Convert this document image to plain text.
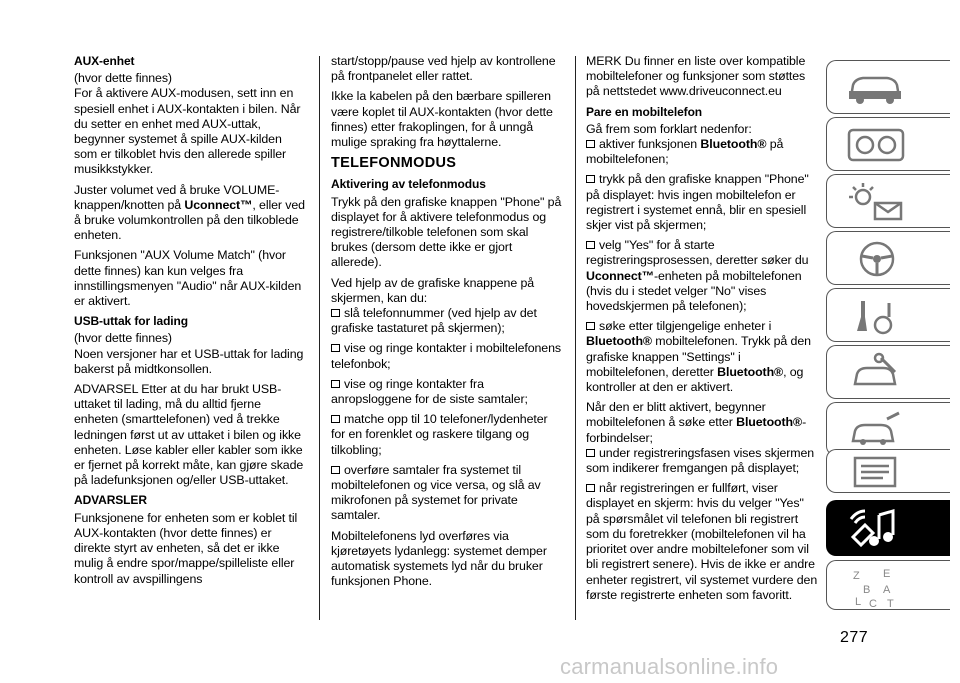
AUX-enhet

(hvor dette finnes)

For å aktivere AUX-modusen, sett inn en spesiell enhet i AUX-kontakten i bilen. Når du setter en enhet med AUX-uttak, begynner systemet å spille AUX-kilden som er tilkoblet hvis den allerede spiller musikkstykker.

Juster volumet ved å bruke VOLUME-knappen/knotten på Uconnect™, eller ved å bruke volumkontrollen på den tilkoblede enheten.

Funksjonen "AUX Volume Match" (hvor dette finnes) kan kun velges fra innstillingsmenyen "Audio" når AUX-kilden er aktivert.

USB-uttak for lading

(hvor dette finnes)

Noen versjoner har et USB-uttak for lading bakerst på midtkonsollen.

ADVARSEL Etter at du har brukt USB-uttaket til lading, må du alltid fjerne enheten (smarttelefonen) ved å trekke ledningen først ut av uttaket i bilen og ikke enheten. Løse kabler eller kabler som ikke er fjernet på korrekt måte, kan gjøre skade på ladefunksjonen og/eller USB-uttaket.

ADVARSLER

Funksjonene for enheten som er koblet til AUX-kontakten (hvor dette finnes) er direkte styrt av enheten, så det er ikke mulig å endre spor/mappe/spilleliste eller kontroll av avspillingens

start/stopp/pause ved hjelp av kontrollene på frontpanelet eller rattet.

Ikke la kabelen på den bærbare spilleren være koplet til AUX-kontakten (hvor dette finnes) etter frakoplingen, for å unngå mulige spraking fra høyttalerne.

TELEFONMODUS

Aktivering av telefonmodus

Trykk på den grafiske knappen "Phone" på displayet for å aktivere telefonmodus og registrere/tilkoble telefonen som skal brukes (dersom dette ikke er gjort allerede).

Ved hjelp av de grafiske knappene på skjermen, kan du:

slå telefonnummer (ved hjelp av det grafiske tastaturet på skjermen);

vise og ringe kontakter i mobiltelefonens telefonbok;

vise og ringe kontakter fra anropsloggene for de siste samtaler;

matche opp til 10 telefoner/lydenheter for en forenklet og raskere tilgang og tilkobling;

overføre samtaler fra systemet til mobiltelefonen og vice versa, og slå av mikrofonen på systemet for private samtaler.

Mobiltelefonens lyd overføres via kjøretøyets lydanlegg: systemet demper automatisk systemets lyd når du bruker funksjonen Phone.

MERK Du finner en liste over kompatible mobiltelefoner og funksjoner som støttes på nettstedet www.driveuconnect.eu

Pare en mobiltelefon

Gå frem som forklart nedenfor:

aktiver funksjonen Bluetooth® på mobiltelefonen;

trykk på den grafiske knappen "Phone" på displayet: hvis ingen mobiltelefon er registrert i systemet ennå, blir en spesiell skjer vist på skjermen;

velg "Yes" for å starte registreringsprosessen, deretter søker du Uconnect™-enheten på mobiltelefonen (hvis du i stedet velger "No" vises hovedskjermen på telefonen);

søke etter tilgjengelige enheter i Bluetooth® mobiltelefonen. Trykk på den grafiske knappen "Settings" i mobiltelefonen, deretter Bluetooth®, og kontroller at den er aktivert.

Når den er blitt aktivert, begynner mobiltelefonen å søke etter Bluetooth®-forbindelser;

under registreringsfasen vises skjermen som indikerer fremgangen på displayet;

når registreringen er fullført, viser displayet en skjerm: hvis du velger "Yes" på spørsmålet vil telefonen bli registrert som du foretrekker (mobiltelefonen vil ha prioritet over andre mobiltelefoner som vil bli registrert senere). Hvis de ikke er andre enheter registrert, vil systemet vurdere den første registrerte enheten som favoritt.

Z E
B A
L C T
277
carmanualsonline.info
